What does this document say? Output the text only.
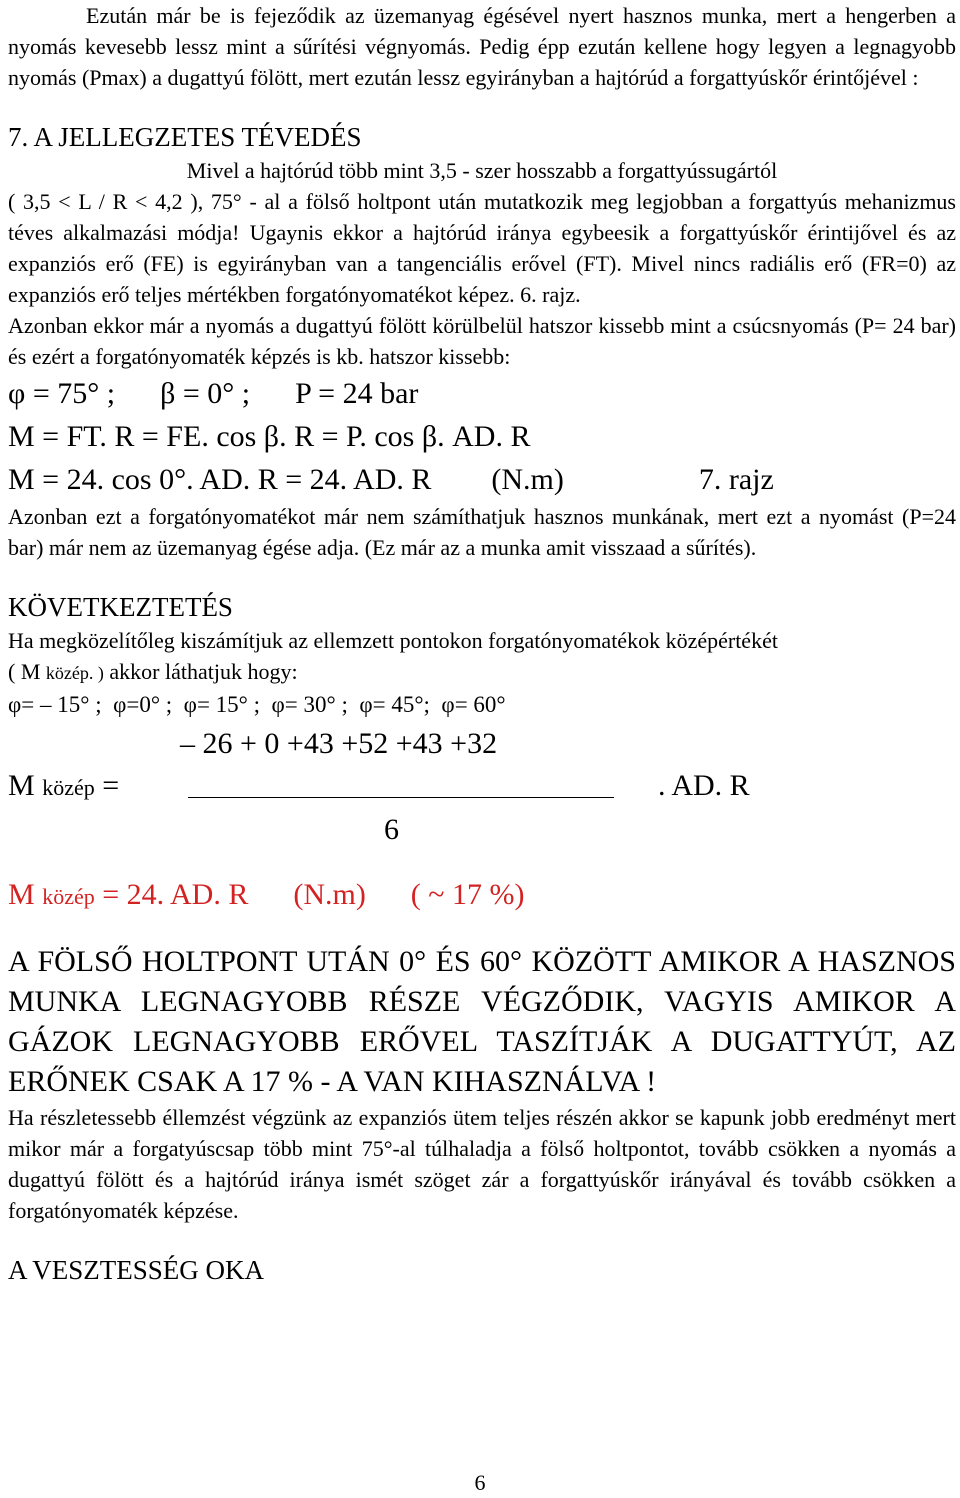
Ezután már be is fejeződik az üzemanyag égésével nyert hasznos munka, mert a hengerben a nyomás kevesebb lessz mint a sűrítési végnyomás. Pedig épp ezután kellene hogy legyen a legnagyobb nyomás (Pmax) a dugattyú fölött, mert ezután lessz egyirányban a hajtórúd a forgattyúskőr érintőjével :

7. A JELLEGZETES TÉVEDÉS

Mivel a hajtórúd több mint 3,5 - szer hosszabb a forgattyússugártól

( 3,5 < L / R < 4,2 ), 75° - al a fölső holtpont után mutatkozik meg legjobban a forgattyús mehanizmus téves alkalmazási módja! Ugaynis ekkor a hajtórúd iránya egybeesik a forgattyúskőr érintijővel és az expanziós erő (FE) is egyirányban van a tangenciális erővel (FT). Mivel nincs radiális erő (FR=0) az expanziós erő teljes mértékben forgatónyomatékot képez. 6. rajz.

Azonban ekkor már a nyomás a dugattyú fölött körülbelül hatszor kissebb mint a csúcsnyomás (P= 24 bar) és ezért a forgatónyomaték képzés is kb. hatszor kissebb:

φ = 75° ;      β = 0° ;      P = 24 bar

M = FT. R = FE. cos β. R = P. cos β. AD. R

M = 24. cos 0°. AD. R = 24. AD. R        (N.m)                  7. rajz

Azonban ezt a forgatónyomatékot már nem számíthatjuk hasznos munkának, mert ezt a nyomást (P=24 bar) már nem az üzemanyag égése adja. (Ez már az a munka amit visszaad a sűrítés).

KÖVETKEZTETÉS

Ha megközelítőleg kiszámítjuk az ellemzett pontokon forgatónyomatékok középértékét

( M közép. ) akkor láthatjuk hogy:

φ= – 15° ;  φ=0° ;  φ= 15° ;  φ= 30° ;  φ= 45°;  φ= 60°

– 26 + 0 +43 +52 +43 +32
M közép =	. AD. R
6

M közép = 24. AD. R      (N.m)      ( ~ 17 %)

A FÖLSŐ HOLTPONT UTÁN 0° ÉS 60° KÖZÖTT AMIKOR A HASZNOS MUNKA LEGNAGYOBB RÉSZE VÉGZŐDIK, VAGYIS AMIKOR A GÁZOK LEGNAGYOBB ERŐVEL TASZÍTJÁK A DUGATTYÚT, AZ ERŐNEK CSAK A 17 % - A VAN KIHASZNÁLVA !

Ha részletessebb éllemzést végzünk az expanziós ütem teljes részén akkor se kapunk jobb eredményt mert mikor már a forgatyúscsap több mint 75°-al túlhaladja a fölső holtpontot, tovább csökken a nyomás a dugattyú fölött és a hajtórúd iránya ismét szöget zár a forgattyúskőr irányával és tovább csökken a forgatónyomaték képzése.

A VESZTESSÉG OKA

6
